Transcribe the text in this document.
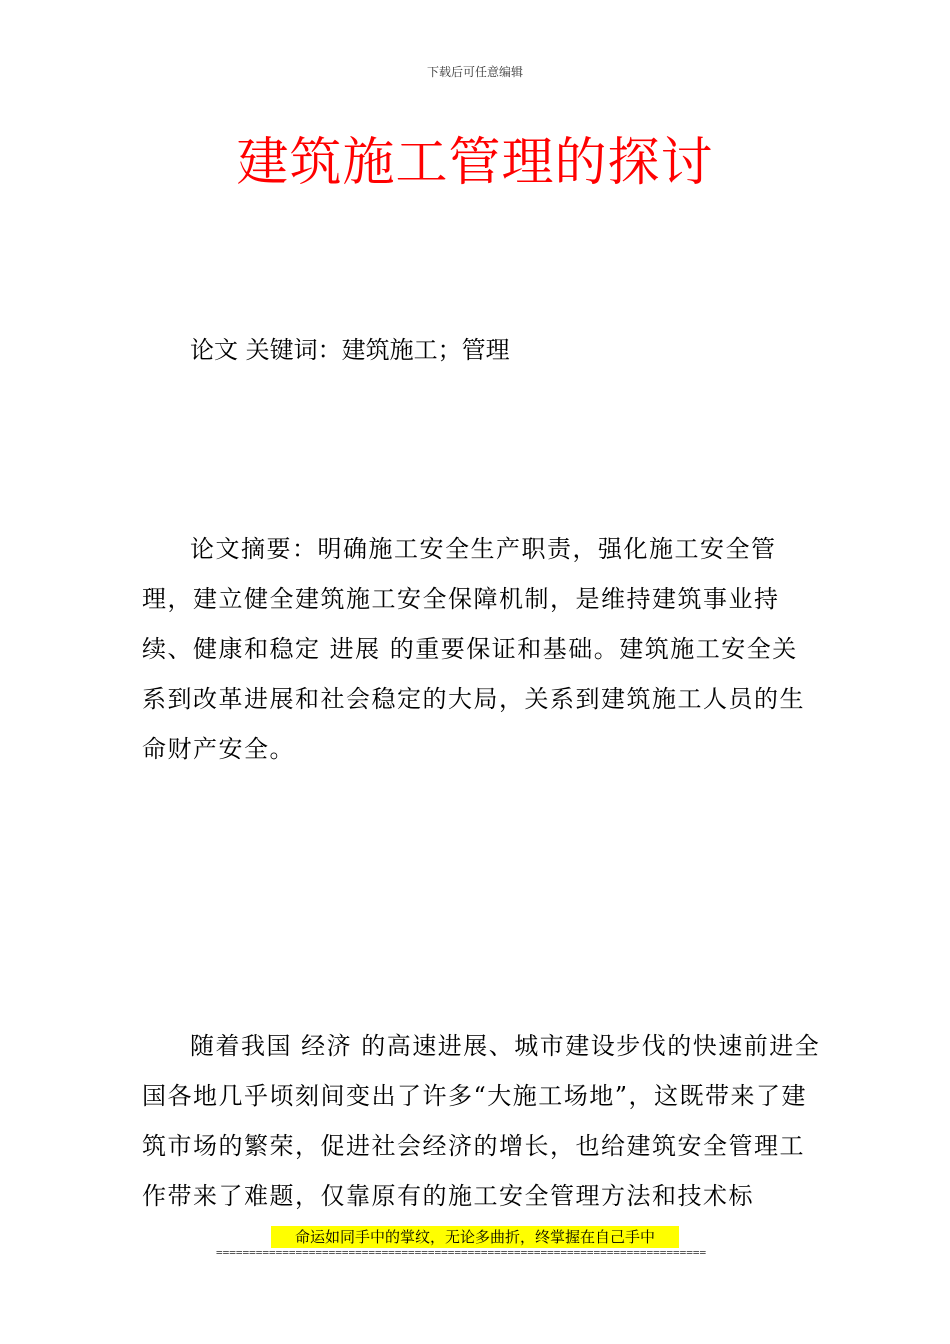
下载后可任意编辑
建筑施工管理的探讨

论文 关键词：建筑施工；管理

论文摘要：明确施工安全生产职责，强化施工安全管理，建立健全建筑施工安全保障机制，是维持建筑事业持续、健康和稳定 进展 的重要保证和基础。建筑施工安全关系到改革进展和社会稳定的大局，关系到建筑施工人员的生命财产安全。

随着我国 经济 的高速进展、城市建设步伐的快速前进全国各地几乎顷刻间变出了许多“大施工场地”，这既带来了建筑市场的繁荣，促进社会经济的增长，也给建筑安全管理工作带来了难题，仅靠原有的施工安全管理方法和技术标

命运如同手中的掌纹，无论多曲折，终掌握在自己手中
==========================================================================
